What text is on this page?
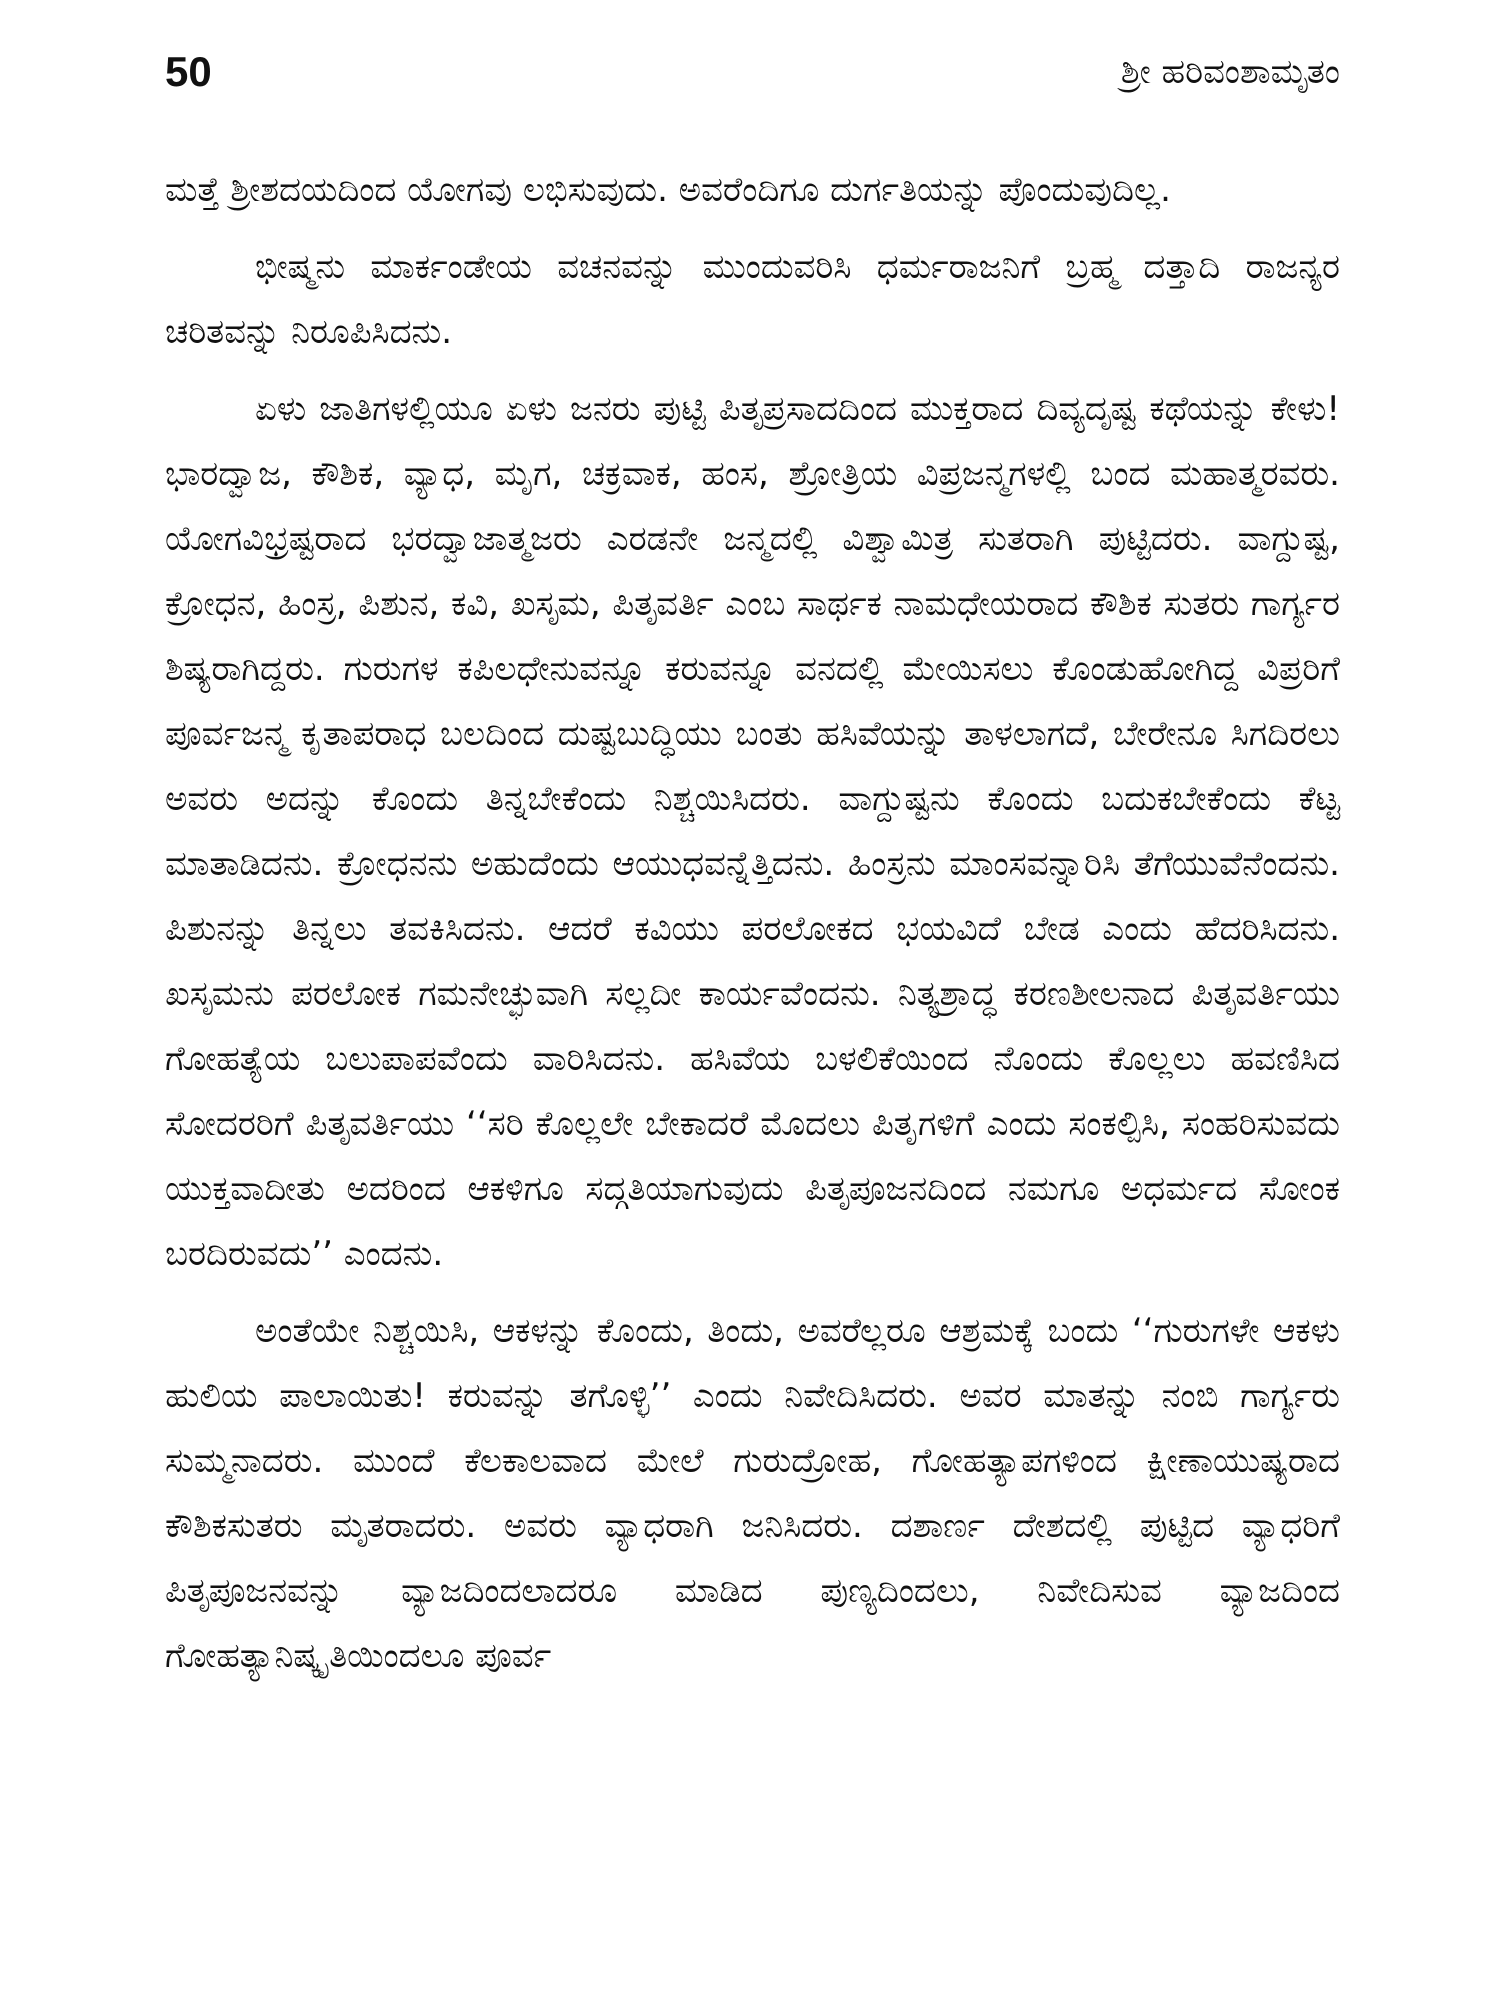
50	ಶ್ರೀ ಹರಿವಂಶಾಮೃತಂ

ಮತ್ತೆ ಶ್ರೀಶದಯದಿಂದ ಯೋಗವು ಲಭಿಸುವುದು. ಅವರೆಂದಿಗೂ ದುರ್ಗತಿಯನ್ನು ಪೊಂದುವುದಿಲ್ಲ.

ಭೀಷ್ಮನು ಮಾರ್ಕಂಡೇಯ ವಚನವನ್ನು ಮುಂದುವರಿಸಿ ಧರ್ಮರಾಜನಿಗೆ ಬ್ರಹ್ಮ ದತ್ತಾದಿ ರಾಜನ್ಯರ ಚರಿತವನ್ನು ನಿರೂಪಿಸಿದನು.

ಏಳು ಜಾತಿಗಳಲ್ಲಿಯೂ ಏಳು ಜನರು ಪುಟ್ಟಿ ಪಿತೃಪ್ರಸಾದದಿಂದ ಮುಕ್ತರಾದ ದಿವ್ಯದೃಷ್ಟ ಕಥೆಯನ್ನು ಕೇಳು! ಭಾರದ್ವಾಜ, ಕೌಶಿಕ, ವ್ಯಾಧ, ಮೃಗ, ಚಕ್ರವಾಕ, ಹಂಸ, ಶ್ರೋತ್ರಿಯ ವಿಪ್ರಜನ್ಮಗಳಲ್ಲಿ ಬಂದ ಮಹಾತ್ಮರವರು. ಯೋಗವಿಭ್ರಷ್ಟರಾದ ಭರದ್ವಾಜಾತ್ಮಜರು ಎರಡನೇ ಜನ್ಮದಲ್ಲಿ ವಿಶ್ವಾಮಿತ್ರ ಸುತರಾಗಿ ಪುಟ್ಟಿದರು. ವಾಗ್ದುಷ್ಟ, ಕ್ರೋಧನ, ಹಿಂಸ್ರ, ಪಿಶುನ, ಕವಿ, ಖಸೃಮ, ಪಿತೃವರ್ತಿ ಎಂಬ ಸಾರ್ಥಕ ನಾಮಧೇಯರಾದ ಕೌಶಿಕ ಸುತರು ಗಾರ್ಗ್ಯರ ಶಿಷ್ಯರಾಗಿದ್ದರು. ಗುರುಗಳ ಕಪಿಲಧೇನುವನ್ನೂ ಕರುವನ್ನೂ ವನದಲ್ಲಿ ಮೇಯಿಸಲು ಕೊಂಡುಹೋಗಿದ್ದ ವಿಪ್ರರಿಗೆ ಪೂರ್ವಜನ್ಮ ಕೃತಾಪರಾಧ ಬಲದಿಂದ ದುಷ್ಟಬುದ್ಧಿಯು ಬಂತು ಹಸಿವೆಯನ್ನು ತಾಳಲಾಗದೆ, ಬೇರೇನೂ ಸಿಗದಿರಲು ಅವರು ಅದನ್ನು ಕೊಂದು ತಿನ್ನಬೇಕೆಂದು ನಿಶ್ಚಯಿಸಿದರು. ವಾಗ್ದುಷ್ಟನು ಕೊಂದು ಬದುಕಬೇಕೆಂದು ಕೆಟ್ಟ ಮಾತಾಡಿದನು. ಕ್ರೋಧನನು ಅಹುದೆಂದು ಆಯುಧವನ್ನೆತ್ತಿದನು. ಹಿಂಸ್ರನು ಮಾಂಸವನ್ನಾರಿಸಿ ತೆಗೆಯುವೆನೆಂದನು. ಪಿಶುನನ್ನು ತಿನ್ನಲು ತವಕಿಸಿದನು. ಆದರೆ ಕವಿಯು ಪರಲೋಕದ ಭಯವಿದೆ ಬೇಡ ಎಂದು ಹೆದರಿಸಿದನು. ಖಸೃಮನು ಪರಲೋಕ ಗಮನೇಚ್ಛುವಾಗಿ ಸಲ್ಲದೀ ಕಾರ್ಯವೆಂದನು. ನಿತ್ಯಶ್ರಾದ್ಧ ಕರಣಶೀಲನಾದ ಪಿತೃವರ್ತಿಯು ಗೋಹತ್ಯೆಯ ಬಲುಪಾಪವೆಂದು ವಾರಿಸಿದನು. ಹಸಿವೆಯ ಬಳಲಿಕೆಯಿಂದ ನೊಂದು ಕೊಲ್ಲಲು ಹವಣಿಸಿದ ಸೋದರರಿಗೆ ಪಿತೃವರ್ತಿಯು ‘‘ಸರಿ ಕೊಲ್ಲಲೇ ಬೇಕಾದರೆ ಮೊದಲು ಪಿತೃಗಳಿಗೆ ಎಂದು ಸಂಕಲ್ಪಿಸಿ, ಸಂಹರಿಸುವದು ಯುಕ್ತವಾದೀತು ಅದರಿಂದ ಆಕಳಿಗೂ ಸದ್ಗತಿಯಾಗುವುದು ಪಿತೃಪೂಜನದಿಂದ ನಮಗೂ ಅಧರ್ಮದ ಸೋಂಕ ಬರದಿರುವದು’’ ಎಂದನು.

ಅಂತೆಯೇ ನಿಶ್ಚಯಿಸಿ, ಆಕಳನ್ನು ಕೊಂದು, ತಿಂದು, ಅವರೆಲ್ಲರೂ ಆಶ್ರಮಕ್ಕೆ ಬಂದು ‘‘ಗುರುಗಳೇ ಆಕಳು ಹುಲಿಯ ಪಾಲಾಯಿತು! ಕರುವನ್ನು ತಗೊಳ್ಳಿ’’ ಎಂದು ನಿವೇದಿಸಿದರು. ಅವರ ಮಾತನ್ನು ನಂಬಿ ಗಾರ್ಗ್ಯರು ಸುಮ್ಮನಾದರು. ಮುಂದೆ ಕೆಲಕಾಲವಾದ ಮೇಲೆ ಗುರುದ್ರೋಹ, ಗೋಹತ್ಯಾಪಗಳಿಂದ ಕ್ಷೀಣಾಯುಷ್ಯರಾದ ಕೌಶಿಕಸುತರು ಮೃತರಾದರು. ಅವರು ವ್ಯಾಧರಾಗಿ ಜನಿಸಿದರು. ದಶಾರ್ಣ ದೇಶದಲ್ಲಿ ಪುಟ್ಟಿದ ವ್ಯಾಧರಿಗೆ ಪಿತೃಪೂಜನವನ್ನು ವ್ಯಾಜದಿಂದಲಾದರೂ ಮಾಡಿದ ಪುಣ್ಯದಿಂದಲು, ನಿವೇದಿಸುವ ವ್ಯಾಜದಿಂದ ಗೋಹತ್ಯಾನಿಷ್ಕೃತಿಯಿಂದಲೂ ಪೂರ್ವ
